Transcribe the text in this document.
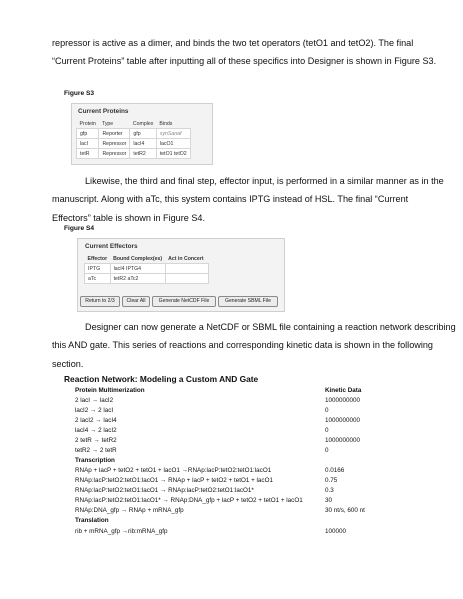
repressor is active as a dimer, and binds the two tet operators (tetO1 and tetO2). The final
“Current Proteins” table after inputting all of these specifics into Designer is shown in Figure S3.
Figure S3
Current Proteins
Protein	Type	Complex	Binds
gfp	Reporter	gfp	synSanaf
lacI	Repressor	lacI4	lacO1
tetR	Repressor	tetR2	tetO1 tetO2
Likewise, the third and final step, effector input, is performed in a similar manner as in the
manuscript. Along with aTc, this system contains IPTG instead of HSL. The final “Current
Effectors” table is shown in Figure S4.
Figure S4
Current Effectors
Effector	Bound Complex(es)	Act in Concert
IPTG	lacI4 IPTG4	
aTc	tetR2 aTc2	
Return to 2/3	Clear All	Generate NetCDF File	Generate SBML File
Designer can now generate a NetCDF or SBML file containing a reaction network describing
this AND gate. This series of reactions and corresponding kinetic data is shown in the following
section.
Reaction Network: Modeling a Custom AND Gate
Protein Multimerization	Kinetic Data
2 lacI → lacI2	1000000000
lacI2 → 2 lacI	0
2 lacI2 → lacI4	1000000000
lacI4 → 2 lacI2	0
2 tetR → tetR2	1000000000
tetR2 → 2 tetR	0
Transcription
RNAp + lacP + tetO2 + tetO1 + lacO1 →RNAp:lacP:tetO2:tetO1:lacO1	0.0166
RNAp:lacP:tetO2:tetO1:lacO1 → RNAp + lacP + tetO2 + tetO1 + lacO1	0.75
RNAp:lacP:tetO2:tetO1:lacO1 → RNAp:lacP:tetO2:tetO1:lacO1*	0.3
RNAp:lacP:tetO2:tetO1:lacO1* → RNAp:DNA_gfp + lacP + tetO2 + tetO1 + lacO1	30
RNAp:DNA_gfp → RNAp + mRNA_gfp	30 nt/s, 600 nt
Translation
rib + mRNA_gfp →rib:mRNA_gfp	100000
